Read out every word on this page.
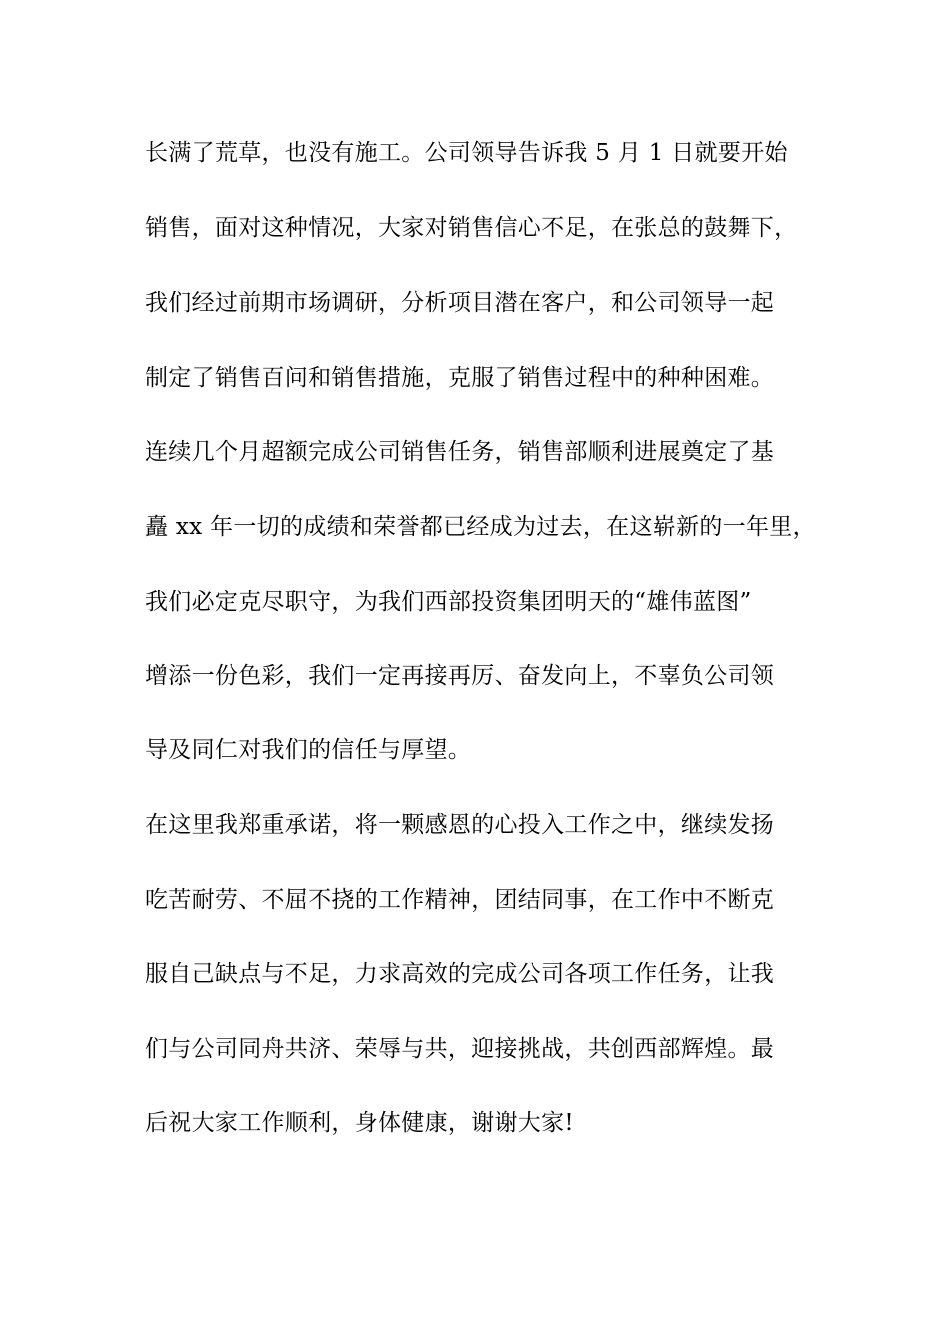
长满了荒草，也没有施工。公司领导告诉我 5 月 1 日就要开始
销售，面对这种情况，大家对销售信心不足，在张总的鼓舞下，
我们经过前期市场调研，分析项目潜在客户，和公司领导一起
制定了销售百问和销售措施，克服了销售过程中的种种困难。
连续几个月超额完成公司销售任务，销售部顺利进展奠定了基
矗 xx 年一切的成绩和荣誉都已经成为过去，在这崭新的一年里，
我们必定克尽职守，为我们西部投资集团明天的“雄伟蓝图”
增添一份色彩，我们一定再接再厉、奋发向上，不辜负公司领
导及同仁对我们的信任与厚望。
在这里我郑重承诺，将一颗感恩的心投入工作之中，继续发扬
吃苦耐劳、不屈不挠的工作精神，团结同事，在工作中不断克
服自己缺点与不足，力求高效的完成公司各项工作任务，让我
们与公司同舟共济、荣辱与共，迎接挑战，共创西部辉煌。最
后祝大家工作顺利，身体健康，谢谢大家!
